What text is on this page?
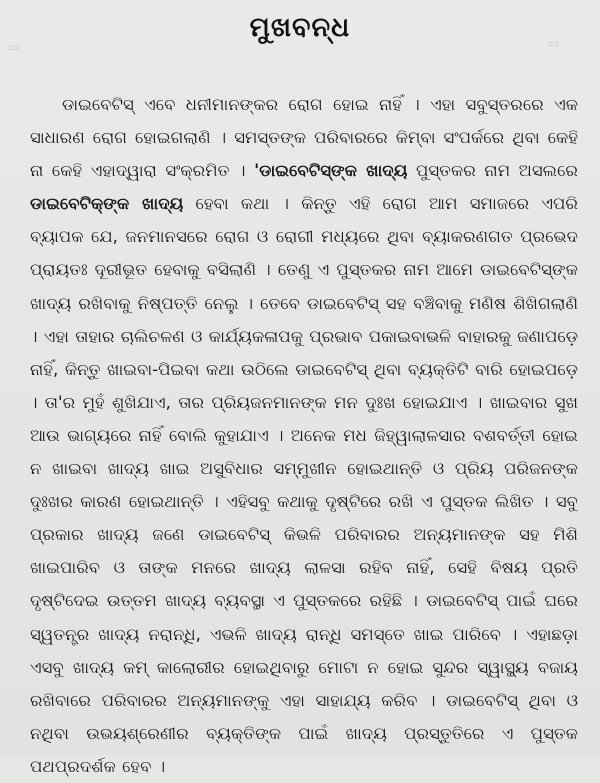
▭	▭
ମୁଖବନ୍ଧ
ଡାଇବେଟିସ୍ ଏବେ ଧନୀମାନଙ୍କର ରୋଗ ହୋଇ ନାହିଁ । ଏହା ସବୁସ୍ତରରେ ଏକ ସାଧାରଣ ରୋଗ ହୋଇଗଲାଣି । ସମସ୍ତଙ୍କ ପରିବାରରେ କିମ୍ବା ସଂପର୍କରେ ଥିବା କେହି ନା କେହି ଏହାଦ୍ୱାରା ସଂକ୍ରମିତ । 'ଡାଇବେଟିସ୍‌ଙ୍କ ଖାଦ୍ୟ ପୁସ୍ତକର ନାମ ଅସଲରେ ଡାଇବେଟିକ୍‌ଙ୍କ ଖାଦ୍ୟ ହେବା କଥା । କିନ୍ତୁ ଏହି ରୋଗ ଆମ ସମାଜରେ ଏପରି ବ୍ୟାପକ ଯେ, ଜନମାନସରେ ରୋଗ ଓ ରୋଗୀ ମଧ୍ୟରେ ଥିବା ବ୍ୟାକରଣଗତ ପ୍ରଭେଦ ପ୍ରାୟତଃ ଦୂରୀଭୂତ ହେବାକୁ ବସିଲାଣି । ତେଣୁ ଏ ପୁସ୍ତକର ନାମ ଆମେ ଡାଇବେଟିସ୍‌ଙ୍କ ଖାଦ୍ୟ ରଖିବାକୁ ନିଷ୍ପତ୍ତି ନେଲୁ । ତେବେ ଡାଇବେଟିସ୍ ସହ ବଞ୍ଚିବାକୁ ମଣିଷ ଶିଖିଗଲାଣି । ଏହା ତାହାର ଚାଲିଚଳଣ ଓ କାର୍ଯ୍ୟକଳାପକୁ ପ୍ରଭାବ ପକାଇବାଭଳି ବାହାରକୁ ଜଣାପଡ଼େ ନାହିଁ, କିନ୍ତୁ ଖାଇବା-ପିଇବା କଥା ଉଠିଲେ ଡାଇବେଟିସ୍ ଥିବା ବ୍ୟକ୍ତିଟି ବାରି ହୋଇପଡ଼େ । ତା'ର ମୁହଁ ଶୁଖିଯାଏ, ତାର ପ୍ରିୟଜନମାନଙ୍କ ମନ ଦୁଃଖ ହୋଇଯାଏ । ଖାଇବାର ସୁଖ ଆଉ ଭାଗ୍ୟରେ ନାହିଁ ବୋଲି କୁହାଯାଏ । ଅନେକ ମଧ ଜିହ୍ୱାଲାଳସାର ବଶବର୍ତ୍ତୀ ହୋଇ ନ ଖାଇବା ଖାଦ୍ୟ ଖାଇ ଅସୁବିଧାର ସମ୍ମୁଖୀନ ହୋଇଥାନ୍ତି ଓ ପ୍ରିୟ ପରିଜନଙ୍କ ଦୁଃଖର କାରଣ ହୋଇଥାନ୍ତି । ଏହିସବୁ କଥାକୁ ଦୃଷ୍ଟିରେ ରଖି ଏ ପୁସ୍ତକ ଲିଖିତ । ସବୁ ପ୍ରକାର ଖାଦ୍ୟ ଜଣେ ଡାଇବେଟିସ୍ କିଭଳି ପରିବାରର ଅନ୍ୟମାନଙ୍କ ସହ ମିଶି ଖାଇପାରିବ ଓ ତାଙ୍କ ମନରେ ଖାଦ୍ୟ ଲାଳସା ରହିବ ନାହିଁ, ସେହି ବିଷୟ ପ୍ରତି ଦୃଷ୍ଟିଦେଇ ଉତ୍ତମ ଖାଦ୍ୟ ବ୍ୟବସ୍ଥା ଏ ପୁସ୍ତକରେ ରହିଛି । ଡାଇବେଟିସ୍ ପାଇଁ ଘରେ ସ୍ୱତନ୍ତ୍ର ଖାଦ୍ୟ ନରାନ୍ଧି, ଏଭଳି ଖାଦ୍ୟ ରାନ୍ଧି ସମସ୍ତେ ଖାଇ ପାରିବେ । ଏହାଛଡ଼ା ଏସବୁ ଖାଦ୍ୟ କମ୍ କାଲୋରୀର ହୋଇଥିବାରୁ ମୋଟା ନ ହୋଇ ସୁନ୍ଦର ସ୍ୱାସ୍ଥ୍ୟ ବଜାୟ ରଖିବାରେ ପରିବାରର ଅନ୍ୟମାନଙ୍କୁ ଏହା ସାହାଯ୍ୟ କରିବ । ଡାଇବେଟିସ୍ ଥିବା ଓ ନଥିବା ଉଭୟଶ୍ରେଣୀର ବ୍ୟକ୍ତିଙ୍କ ପାଇଁ ଖାଦ୍ୟ ପ୍ରସ୍ତୁତିରେ ଏ ପୁସ୍ତକ ପଥପ୍ରଦର୍ଶକ ହେବ ।
